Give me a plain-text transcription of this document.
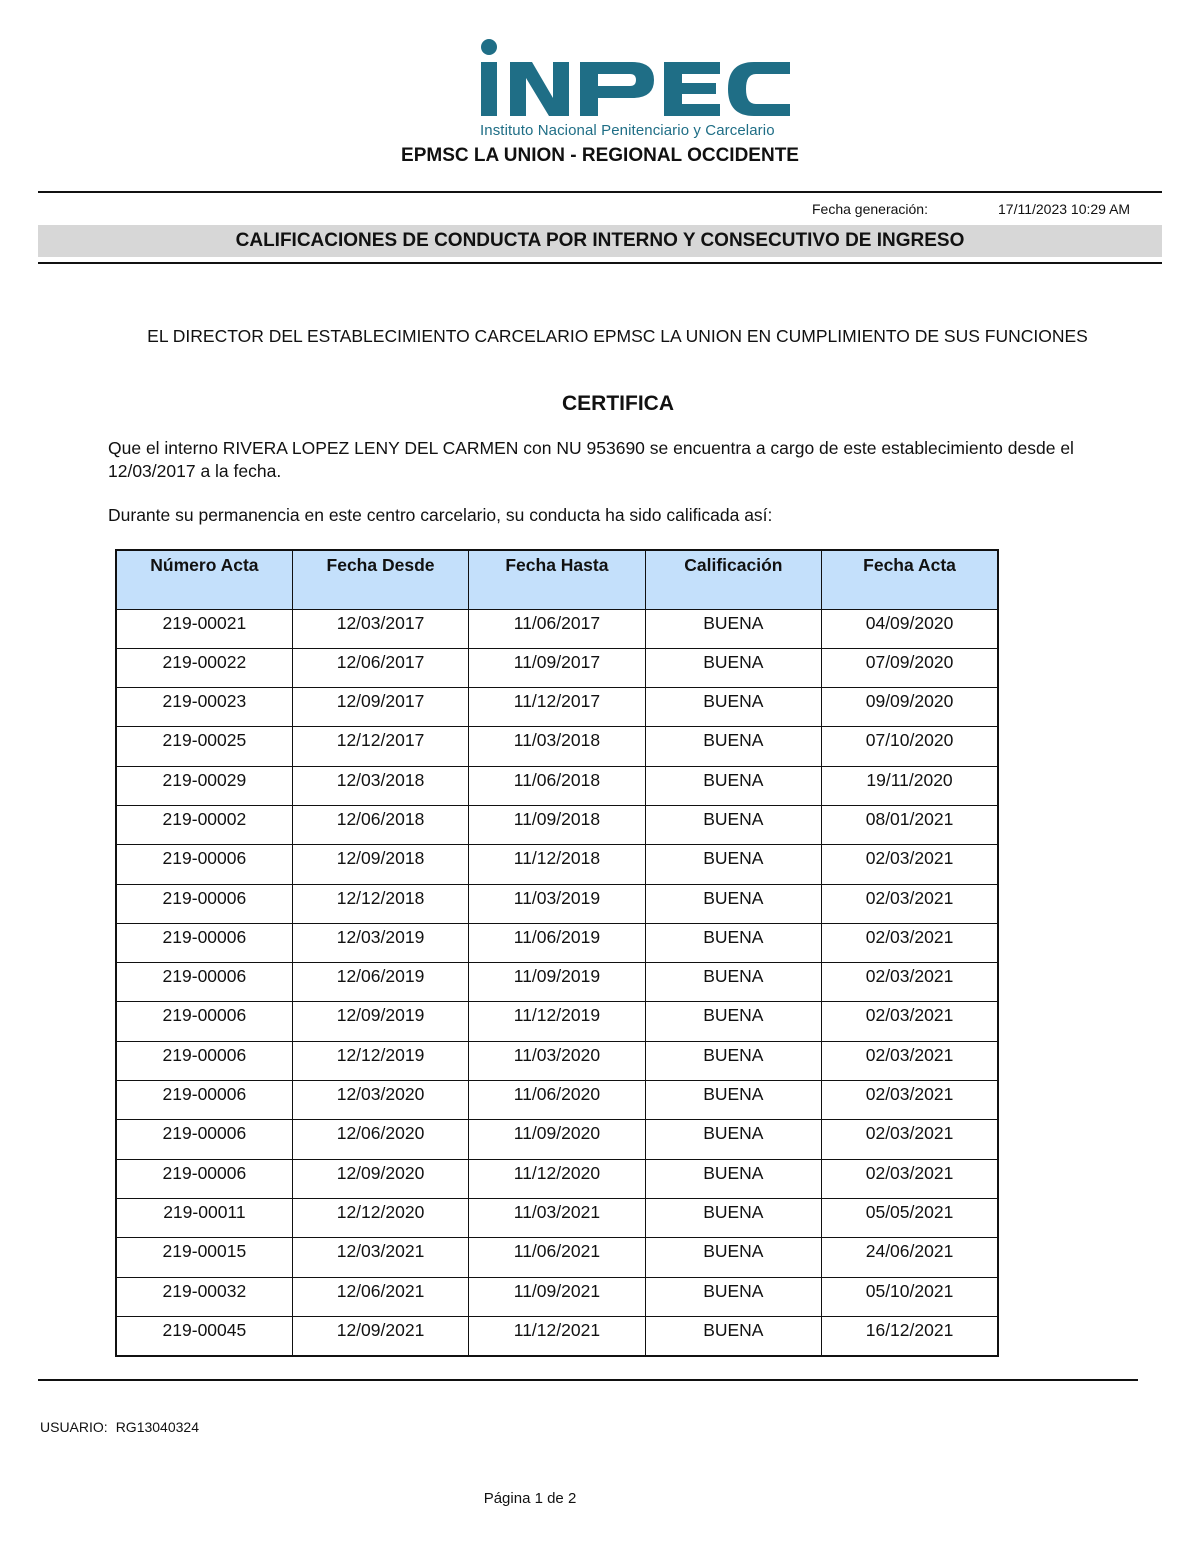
Instituto Nacional Penitenciario y Carcelario
EPMSC LA UNION - REGIONAL OCCIDENTE
Fecha generación:	17/11/2023 10:29 AM
CALIFICACIONES DE CONDUCTA POR INTERNO Y CONSECUTIVO DE INGRESO
EL DIRECTOR DEL ESTABLECIMIENTO CARCELARIO EPMSC LA UNION EN CUMPLIMIENTO DE SUS FUNCIONES
CERTIFICA
Que el interno RIVERA LOPEZ LENY DEL CARMEN con NU 953690 se encuentra a cargo de este establecimiento desde el 12/03/2017 a la fecha.
Durante su permanencia en este centro carcelario, su conducta ha sido calificada así:
Número Acta	Fecha Desde	Fecha Hasta	Calificación	Fecha Acta
219-00021	12/03/2017	11/06/2017	BUENA	04/09/2020
219-00022	12/06/2017	11/09/2017	BUENA	07/09/2020
219-00023	12/09/2017	11/12/2017	BUENA	09/09/2020
219-00025	12/12/2017	11/03/2018	BUENA	07/10/2020
219-00029	12/03/2018	11/06/2018	BUENA	19/11/2020
219-00002	12/06/2018	11/09/2018	BUENA	08/01/2021
219-00006	12/09/2018	11/12/2018	BUENA	02/03/2021
219-00006	12/12/2018	11/03/2019	BUENA	02/03/2021
219-00006	12/03/2019	11/06/2019	BUENA	02/03/2021
219-00006	12/06/2019	11/09/2019	BUENA	02/03/2021
219-00006	12/09/2019	11/12/2019	BUENA	02/03/2021
219-00006	12/12/2019	11/03/2020	BUENA	02/03/2021
219-00006	12/03/2020	11/06/2020	BUENA	02/03/2021
219-00006	12/06/2020	11/09/2020	BUENA	02/03/2021
219-00006	12/09/2020	11/12/2020	BUENA	02/03/2021
219-00011	12/12/2020	11/03/2021	BUENA	05/05/2021
219-00015	12/03/2021	11/06/2021	BUENA	24/06/2021
219-00032	12/06/2021	11/09/2021	BUENA	05/10/2021
219-00045	12/09/2021	11/12/2021	BUENA	16/12/2021
USUARIO: RG13040324
Página 1 de 2
